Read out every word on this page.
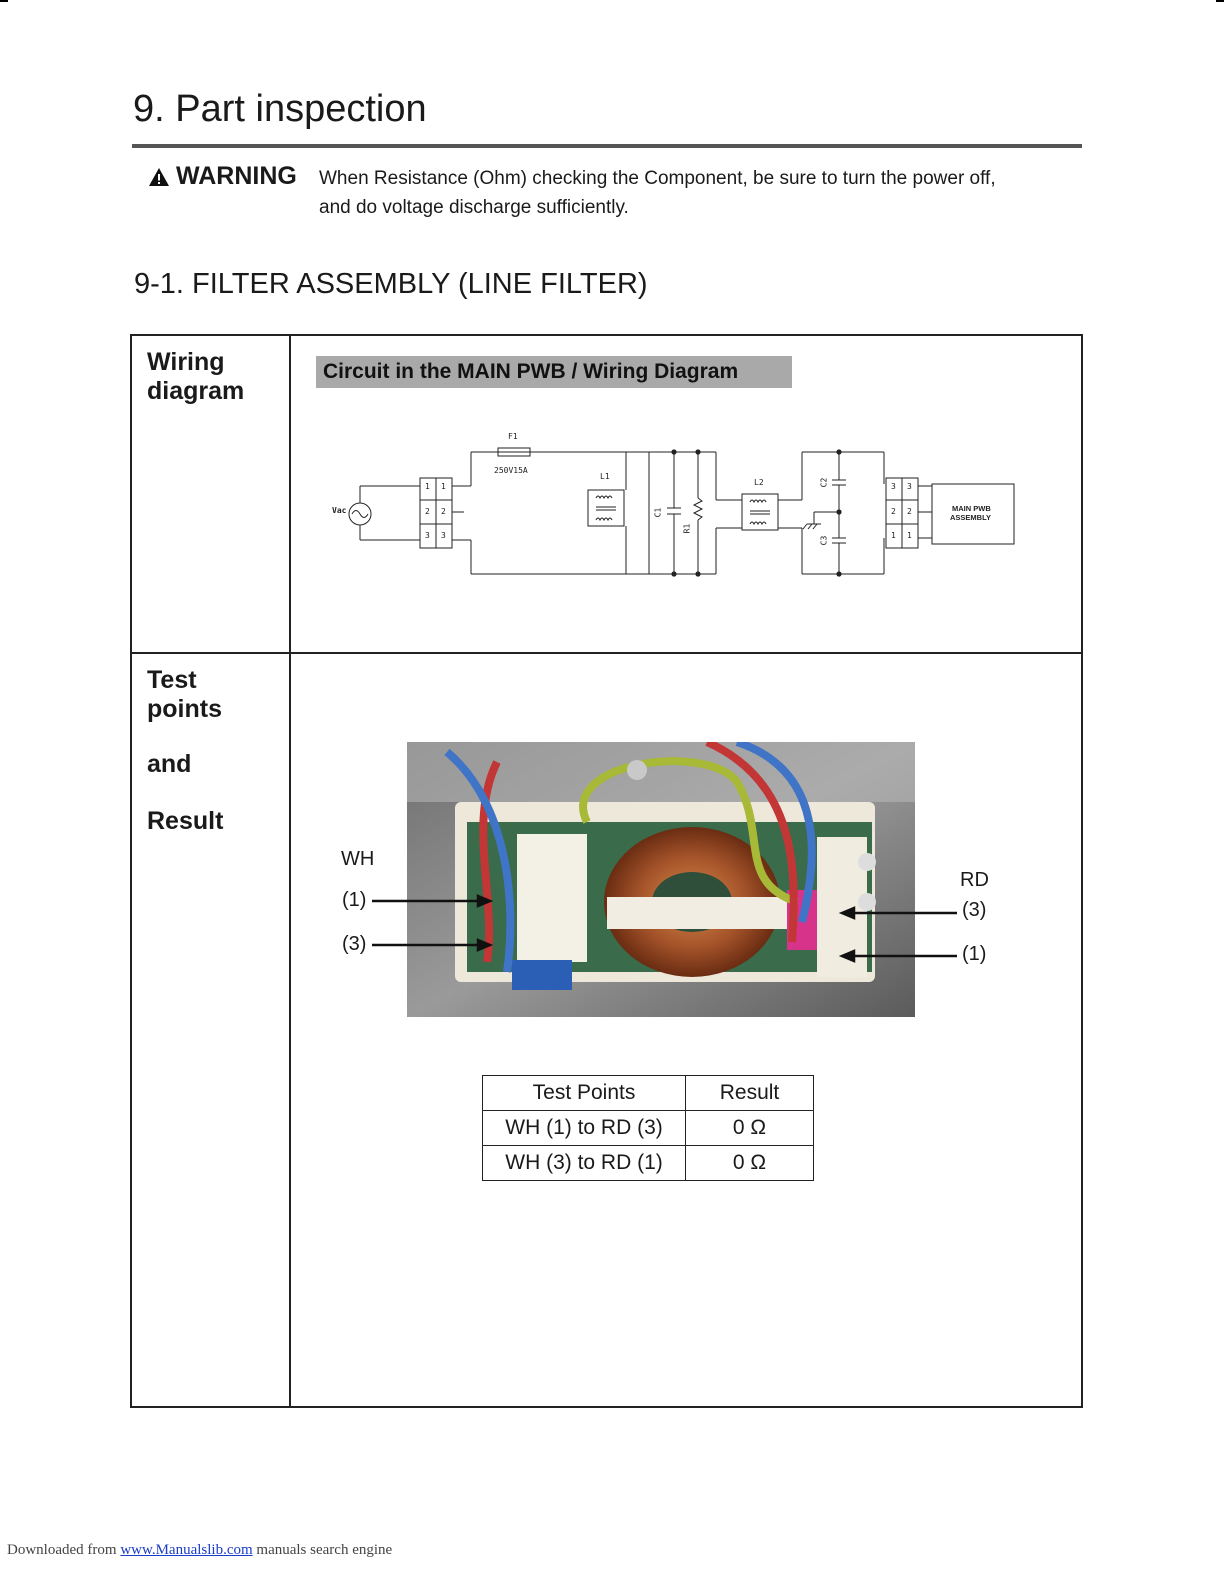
9. Part inspection
WARNING When Resistance (Ohm) checking the Component, be sure to turn the power off,
and do voltage discharge sufficiently.
9-1. FILTER ASSEMBLY (LINE FILTER)
Wiring
diagram
Circuit in the MAIN PWB / Wiring Diagram
Vac
F1
250V15A
L1
L2
C1
R1
C2
C3
1 1
2 2
3 3
3 3
2 2
1 1
MAIN PWB
ASSEMBLY
Test
points
and
Result
WH
(1)
(3)
RD
(3)
(1)
Test Points	Result
WH (1) to RD (3)	0 Ω
WH (3) to RD (1)	0 Ω
Downloaded from www.Manualslib.com manuals search engine
